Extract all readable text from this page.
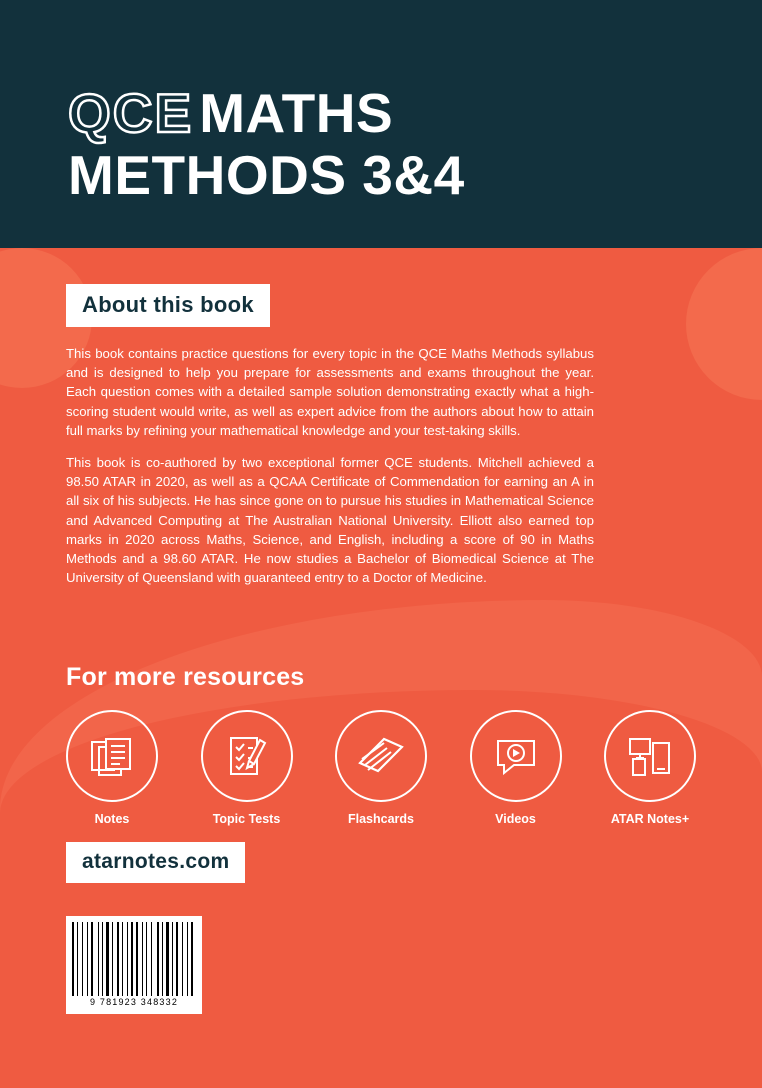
QCE MATHS
METHODS 3&4
About this book

This book contains practice questions for every topic in the QCE Maths Methods syllabus and is designed to help you prepare for assessments and exams throughout the year. Each question comes with a detailed sample solution demonstrating exactly what a high-scoring student would write, as well as expert advice from the authors about how to attain full marks by refining your mathematical knowledge and your test-taking skills.

This book is co-authored by two exceptional former QCE students. Mitchell achieved a 98.50 ATAR in 2020, as well as a QCAA Certificate of Commendation for earning an A in all six of his subjects. He has since gone on to pursue his studies in Mathematical Science and Advanced Computing at The Australian National University. Elliott also earned top marks in 2020 across Maths, Science, and English, including a score of 90 in Maths Methods and a 98.60 ATAR. He now studies a Bachelor of Biomedical Science at The University of Queensland with guaranteed entry to a Doctor of Medicine.

For more resources
Notes	Topic Tests	Flashcards	Videos	ATAR Notes+
atarnotes.com
9 781923 348332
